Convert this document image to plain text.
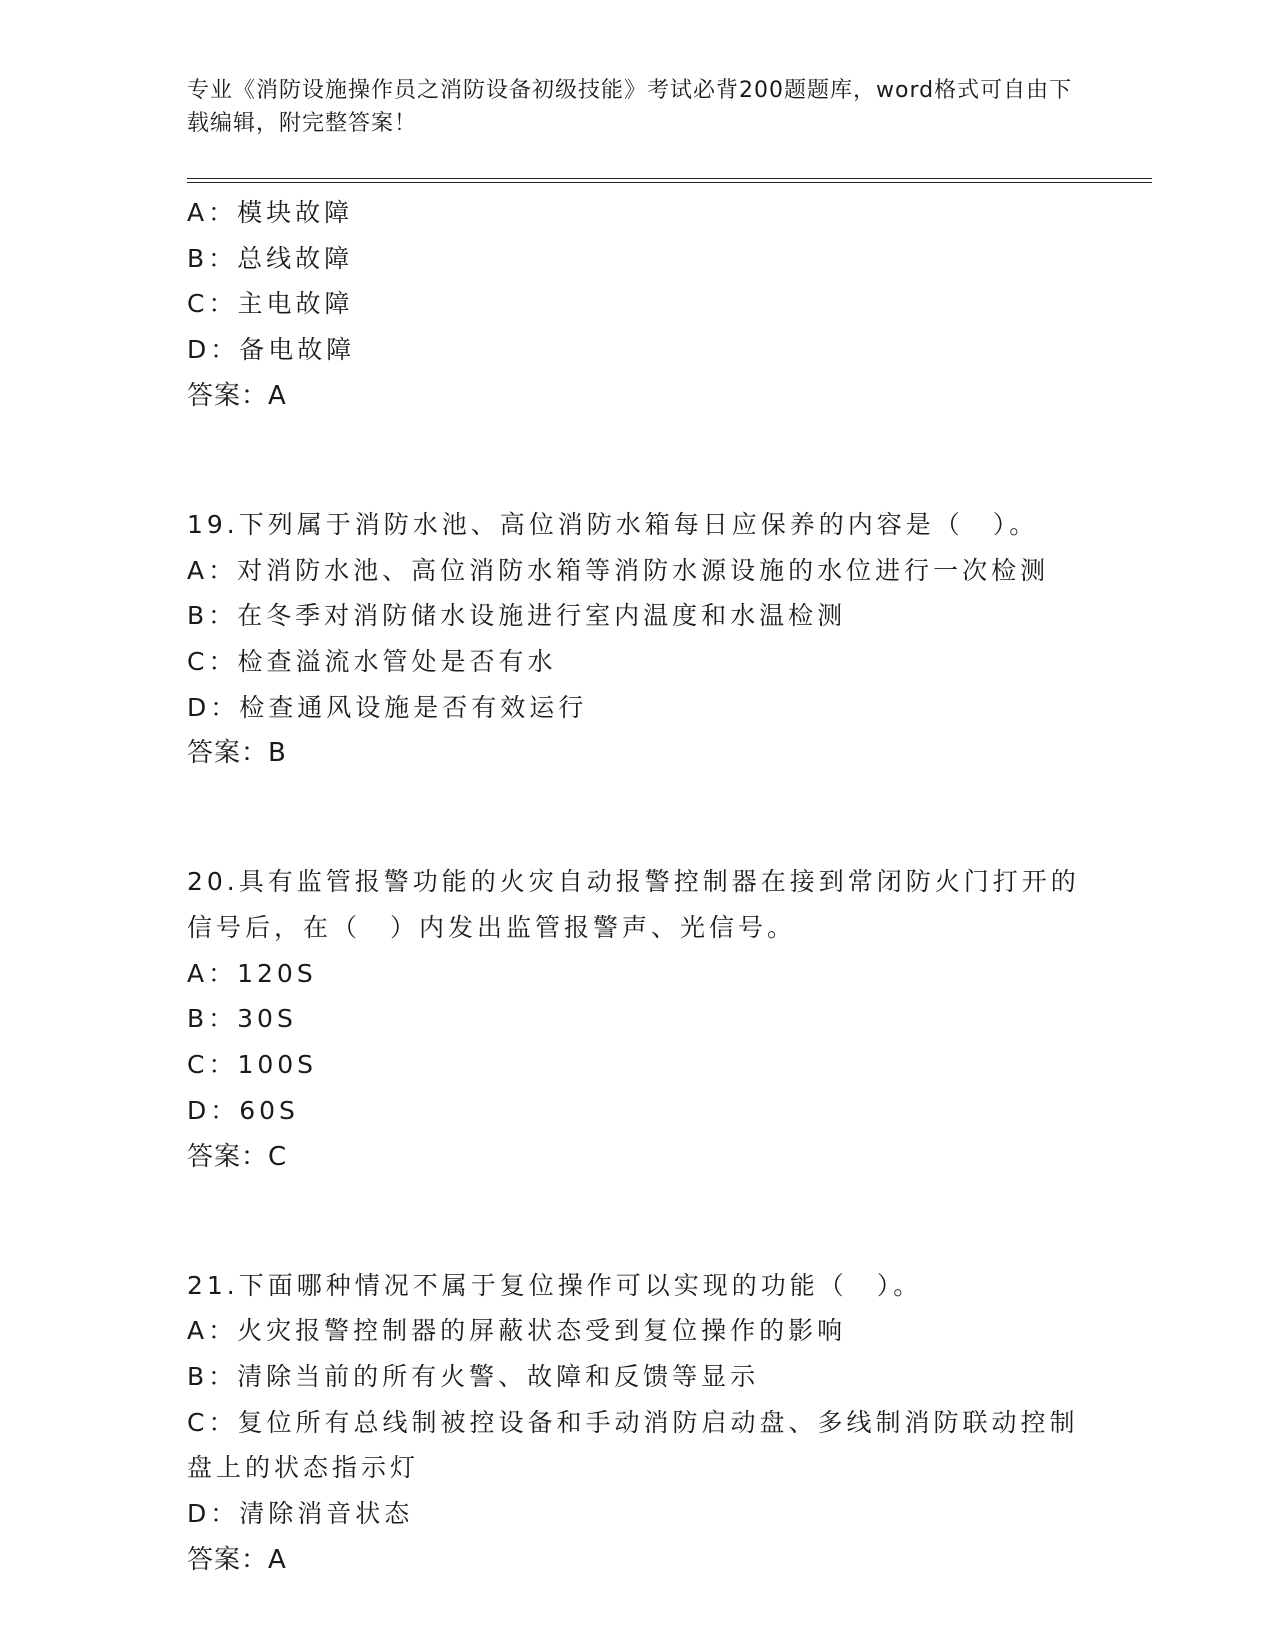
专业《消防设施操作员之消防设备初级技能》考试必背200题题库，word格式可自由下载编辑，附完整答案！
A：模块故障
B：总线故障
C：主电故障
D：备电故障
答案：A
19.下列属于消防水池、高位消防水箱每日应保养的内容是（　）。
A：对消防水池、高位消防水箱等消防水源设施的水位进行一次检测
B：在冬季对消防储水设施进行室内温度和水温检测
C：检查溢流水管处是否有水
D：检查通风设施是否有效运行
答案：B
20.具有监管报警功能的火灾自动报警控制器在接到常闭防火门打开的
信号后，在（　）内发出监管报警声、光信号。
A：120S
B：30S
C：100S
D：60S
答案：C
21.下面哪种情况不属于复位操作可以实现的功能（　）。
A：火灾报警控制器的屏蔽状态受到复位操作的影响
B：清除当前的所有火警、故障和反馈等显示
C：复位所有总线制被控设备和手动消防启动盘、多线制消防联动控制
盘上的状态指示灯
D：清除消音状态
答案：A
